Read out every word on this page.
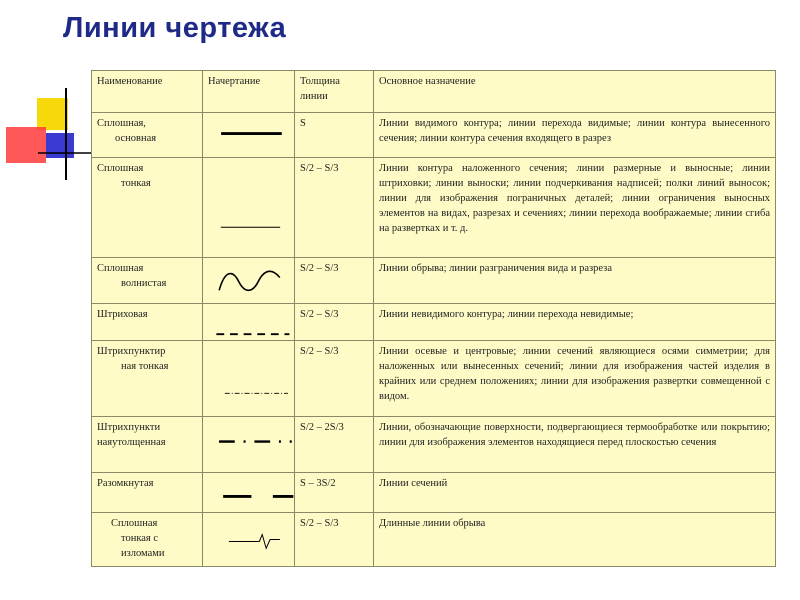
Линии чертежа
Наименование	Начертание	Толщина линии	Основное назначение

Сплошная,
основная		S	Линии видимого контура; линии перехода видимые; линии контура вынесенного сечения; линии контура сечения входящего в разрез

Сплошная
тонкая		S/2 – S/3	Линии контура наложенного сечения; линии размерные и выносные; линии штриховки; линии выноски; линии подчеркивания надписей; полки линий выносок; линии для изображения пограничных деталей; линии ограничения выносных элементов на видах, разрезах и сечениях; линии перехода воображаемые; линии сгиба на развертках и т. д.

Сплошная
волнистая		S/2 – S/3	Линии обрыва; линии разграничения вида и разреза

Штриховая		S/2 – S/3	Линии невидимого контура; линии перехода невидимые;

Штрихпунктир
ная тонкая		S/2 – S/3	Линии осевые и центровые; линии сечений являющиеся осями симметрии; для наложенных или вынесенных сечений; линии для изображения частей изделия в крайних или среднем положениях; линии для изображения развертки совмещенной с видом.

Штрихпункти
наяутолщенная		S/2 – 2S/3	Линии, обозначающие поверхности, подвергающиеся термообработке или покрытию; линии для изображения элементов находящиеся перед плоскостью сечения

Разомкнутая		S – 3S/2	Линии сечений

Сплошная
тонкая с
изломами		S/2 – S/3	Длинные линии обрыва
